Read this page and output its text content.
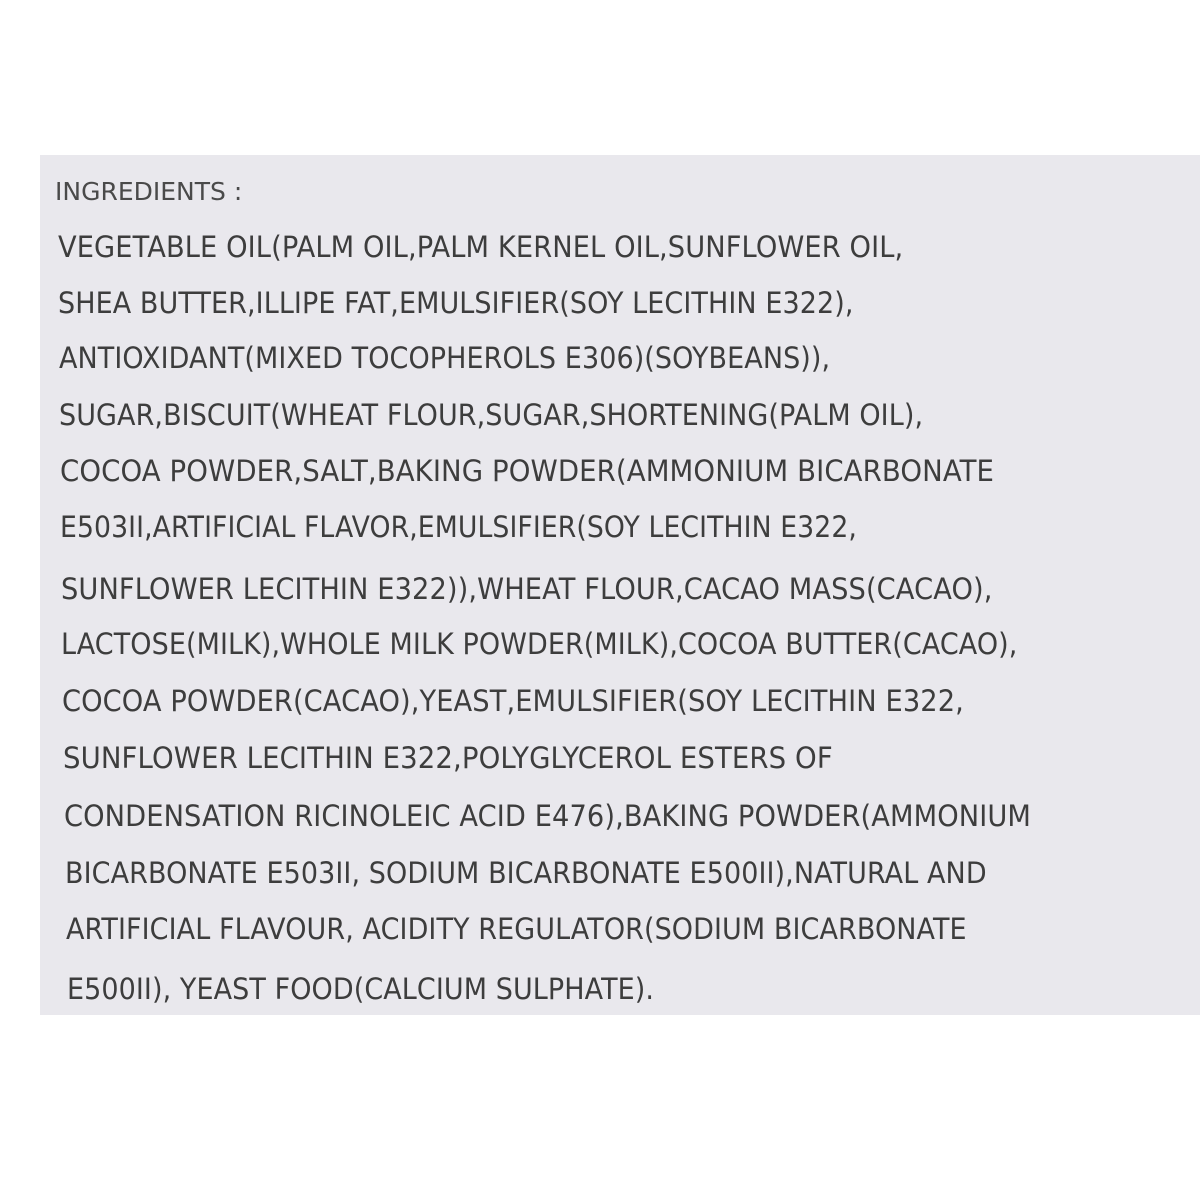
INGREDIENTS :
VEGETABLE OIL(PALM OIL,PALM KERNEL OIL,SUNFLOWER OIL,
SHEA BUTTER,ILLIPE FAT,EMULSIFIER(SOY LECITHIN E322),
ANTIOXIDANT(MIXED TOCOPHEROLS E306)(SOYBEANS)),
SUGAR,BISCUIT(WHEAT FLOUR,SUGAR,SHORTENING(PALM OIL),
COCOA POWDER,SALT,BAKING POWDER(AMMONIUM BICARBONATE
E503II,ARTIFICIAL FLAVOR,EMULSIFIER(SOY LECITHIN E322,
SUNFLOWER LECITHIN E322)),WHEAT FLOUR,CACAO MASS(CACAO),
LACTOSE(MILK),WHOLE MILK POWDER(MILK),COCOA BUTTER(CACAO),
COCOA POWDER(CACAO),YEAST,EMULSIFIER(SOY LECITHIN E322,
SUNFLOWER LECITHIN E322,POLYGLYCEROL ESTERS OF
CONDENSATION RICINOLEIC ACID E476),BAKING POWDER(AMMONIUM
BICARBONATE E503II, SODIUM BICARBONATE E500II),NATURAL AND
ARTIFICIAL FLAVOUR, ACIDITY REGULATOR(SODIUM BICARBONATE
E500II), YEAST FOOD(CALCIUM SULPHATE).
